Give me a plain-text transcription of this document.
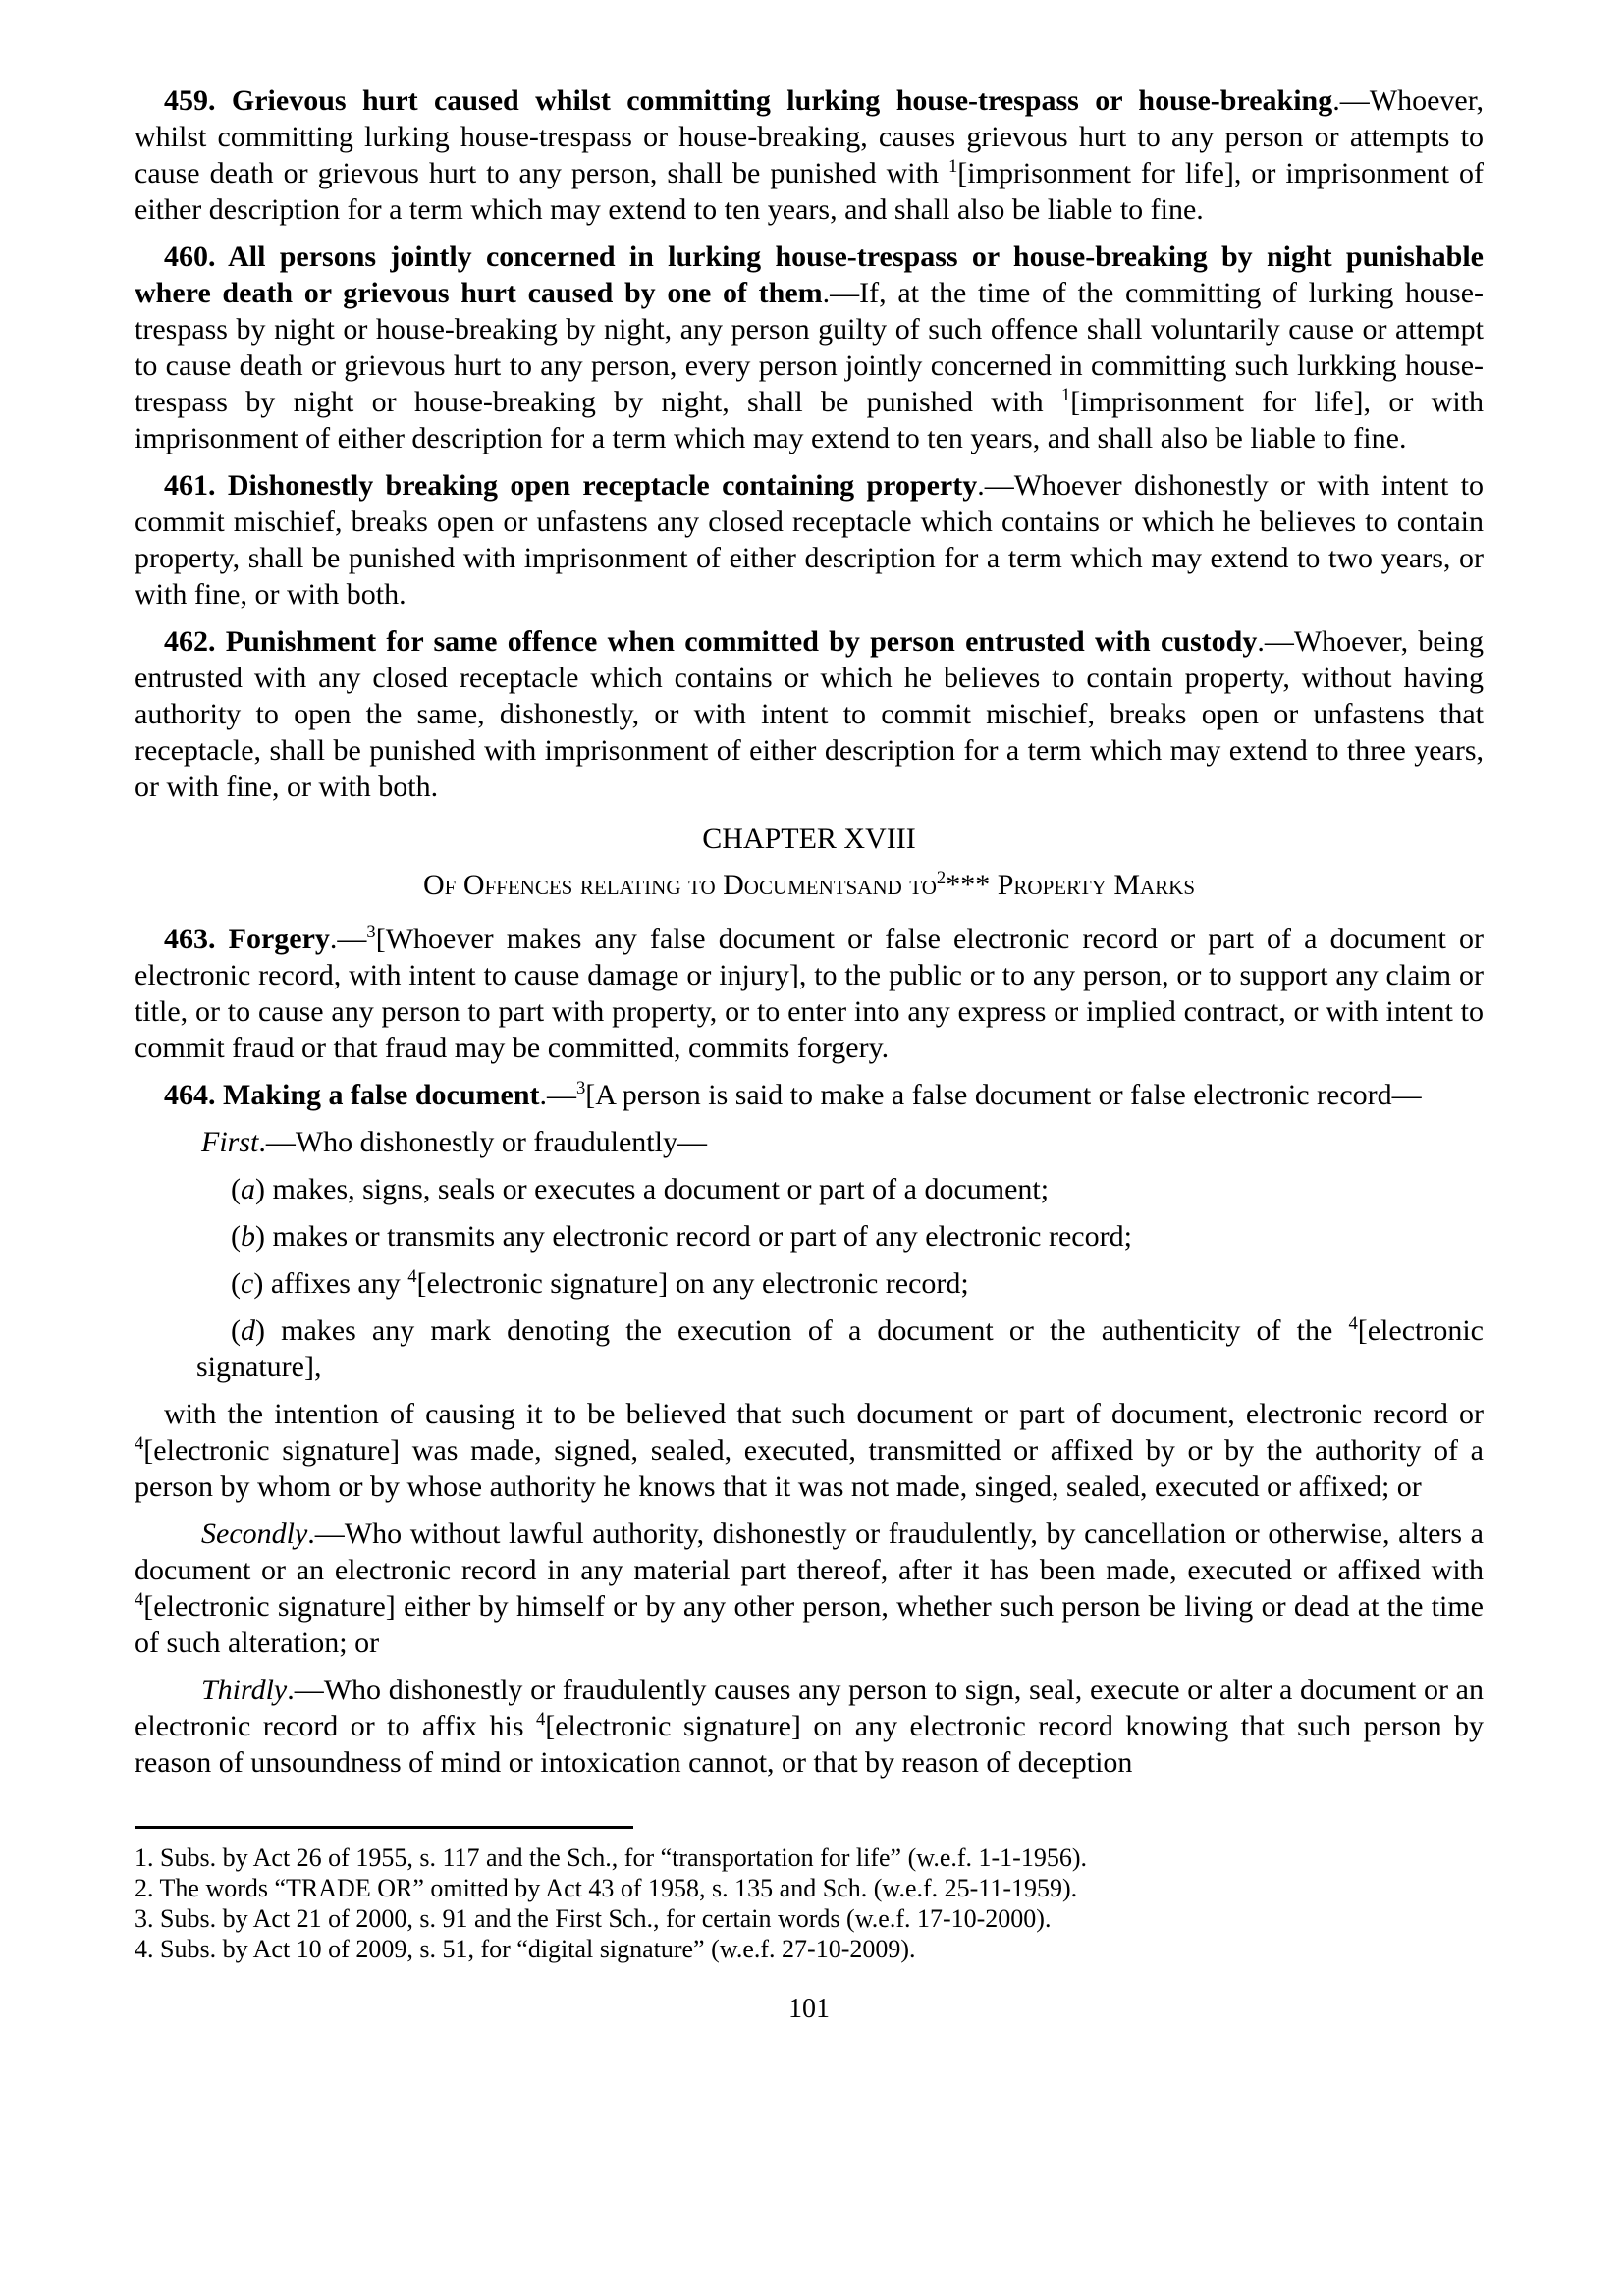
459. Grievous hurt caused whilst committing lurking house-trespass or house-breaking.—Whoever, whilst committing lurking house-trespass or house-breaking, causes grievous hurt to any person or attempts to cause death or grievous hurt to any person, shall be punished with $^1$[imprisonment for life], or imprisonment of either description for a term which may extend to ten years, and shall also be liable to fine.

460. All persons jointly concerned in lurking house-trespass or house-breaking by night punishable where death or grievous hurt caused by one of them.—If, at the time of the committing of lurking house-trespass by night or house-breaking by night, any person guilty of such offence shall voluntarily cause or attempt to cause death or grievous hurt to any person, every person jointly concerned in committing such lurkking house-trespass by night or house-breaking by night, shall be punished with $^1$[imprisonment for life], or with imprisonment of either description for a term which may extend to ten years, and shall also be liable to fine.

461. Dishonestly breaking open receptacle containing property.—Whoever dishonestly or with intent to commit mischief, breaks open or unfastens any closed receptacle which contains or which he believes to contain property, shall be punished with imprisonment of either description for a term which may extend to two years, or with fine, or with both.

462. Punishment for same offence when committed by person entrusted with custody.—Whoever, being entrusted with any closed receptacle which contains or which he believes to contain property, without having authority to open the same, dishonestly, or with intent to commit mischief, breaks open or unfastens that receptacle, shall be punished with imprisonment of either description for a term which may extend to three years, or with fine, or with both.

CHAPTER XVIII

Of Offences relating to Documentsand to$^2$*** Property Marks

463. Forgery.—$^3$[Whoever makes any false document or false electronic record or part of a document or electronic record, with intent to cause damage or injury], to the public or to any person, or to support any claim or title, or to cause any person to part with property, or to enter into any express or implied contract, or with intent to commit fraud or that fraud may be committed, commits forgery.

464. Making a false document.—$^3$[A person is said to make a false document or false electronic record—

First.—Who dishonestly or fraudulently—

(a) makes, signs, seals or executes a document or part of a document;

(b) makes or transmits any electronic record or part of any electronic record;

(c) affixes any $^4$[electronic signature] on any electronic record;

(d) makes any mark denoting the execution of a document or the authenticity of the $^4$[electronic signature],

with the intention of causing it to be believed that such document or part of document, electronic record or $^4$[electronic signature] was made, signed, sealed, executed, transmitted or affixed by or by the authority of a person by whom or by whose authority he knows that it was not made, singed, sealed, executed or affixed; or

Secondly.—Who without lawful authority, dishonestly or fraudulently, by cancellation or otherwise, alters a document or an electronic record in any material part thereof, after it has been made, executed or affixed with $^4$[electronic signature] either by himself or by any other person, whether such person be living or dead at the time of such alteration; or

Thirdly.—Who dishonestly or fraudulently causes any person to sign, seal, execute or alter a document or an electronic record or to affix his $^4$[electronic signature] on any electronic record knowing that such person by reason of unsoundness of mind or intoxication cannot, or that by reason of deception

1. Subs. by Act 26 of 1955, s. 117 and the Sch., for “transportation for life” (w.e.f. 1-1-1956).

2. The words “TRADE OR” omitted by Act 43 of 1958, s. 135 and Sch. (w.e.f. 25-11-1959).

3. Subs. by Act 21 of 2000, s. 91 and the First Sch., for certain words (w.e.f. 17-10-2000).

4. Subs. by Act 10 of 2009, s. 51, for “digital signature” (w.e.f. 27-10-2009).

101
